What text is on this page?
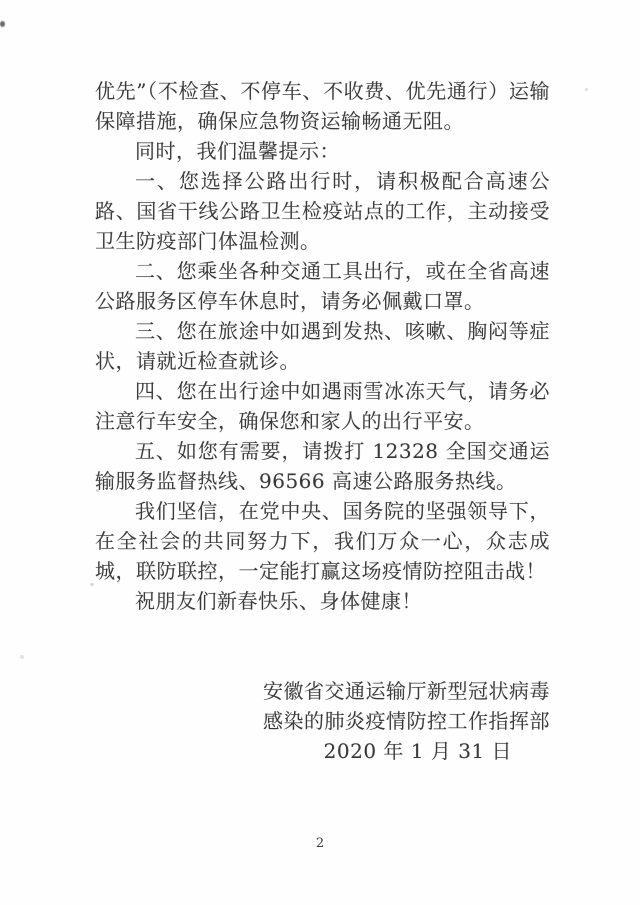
优先”（不检查、不停车、不收费、优先通行）运输保障措施，确保应急物资运输畅通无阻。

同时，我们温馨提示：

一、您选择公路出行时，请积极配合高速公路、国省干线公路卫生检疫站点的工作，主动接受卫生防疫部门体温检测。

二、您乘坐各种交通工具出行，或在全省高速公路服务区停车休息时，请务必佩戴口罩。

三、您在旅途中如遇到发热、咳嗽、胸闷等症状，请就近检查就诊。

四、您在出行途中如遇雨雪冰冻天气，请务必注意行车安全，确保您和家人的出行平安。

五、如您有需要，请拨打 12328 全国交通运输服务监督热线、96566 高速公路服务热线。

我们坚信，在党中央、国务院的坚强领导下，在全社会的共同努力下，我们万众一心，众志成城，联防联控，一定能打赢这场疫情防控阻击战！

祝朋友们新春快乐、身体健康！

安徽省交通运输厅新型冠状病毒

感染的肺炎疫情防控工作指挥部

2020 年 1 月 31 日

2
